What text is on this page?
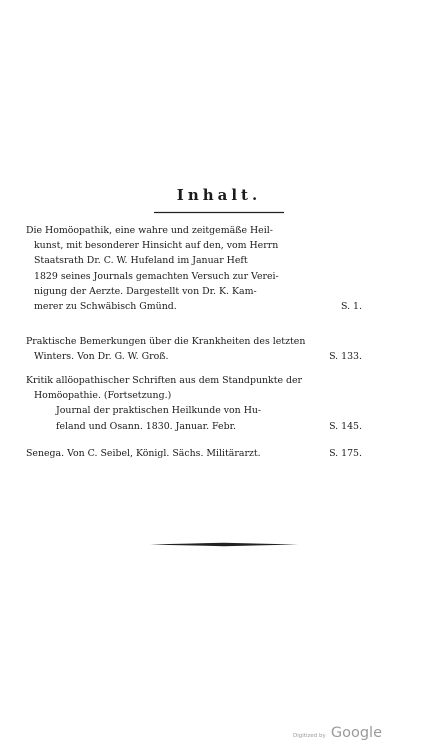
Inhalt.
Die Homöopathik, eine wahre und zeitgemäße Heil-
kunst, mit besonderer Hinsicht auf den, vom Herrn
Staatsrath Dr. C. W. Hufeland im Januar Heft
1829 seines Journals gemachten Versuch zur Verei-
nigung der Aerzte. Dargestellt von Dr. K. Kam-
merer zu Schwäbisch Gmünd.	S. 1.
Praktische Bemerkungen über die Krankheiten des letzten
Winters. Von Dr. G. W. Groß.	S. 133.
Kritik allöopathischer Schriften aus dem Standpunkte der
Homöopathie. (Fortsetzung.)
Journal der praktischen Heilkunde von Hu-
feland und Osann. 1830. Januar. Febr.	S. 145.
Senega. Von C. Seibel, Königl. Sächs. Militärarzt.	S. 175.
Digitized by Google
